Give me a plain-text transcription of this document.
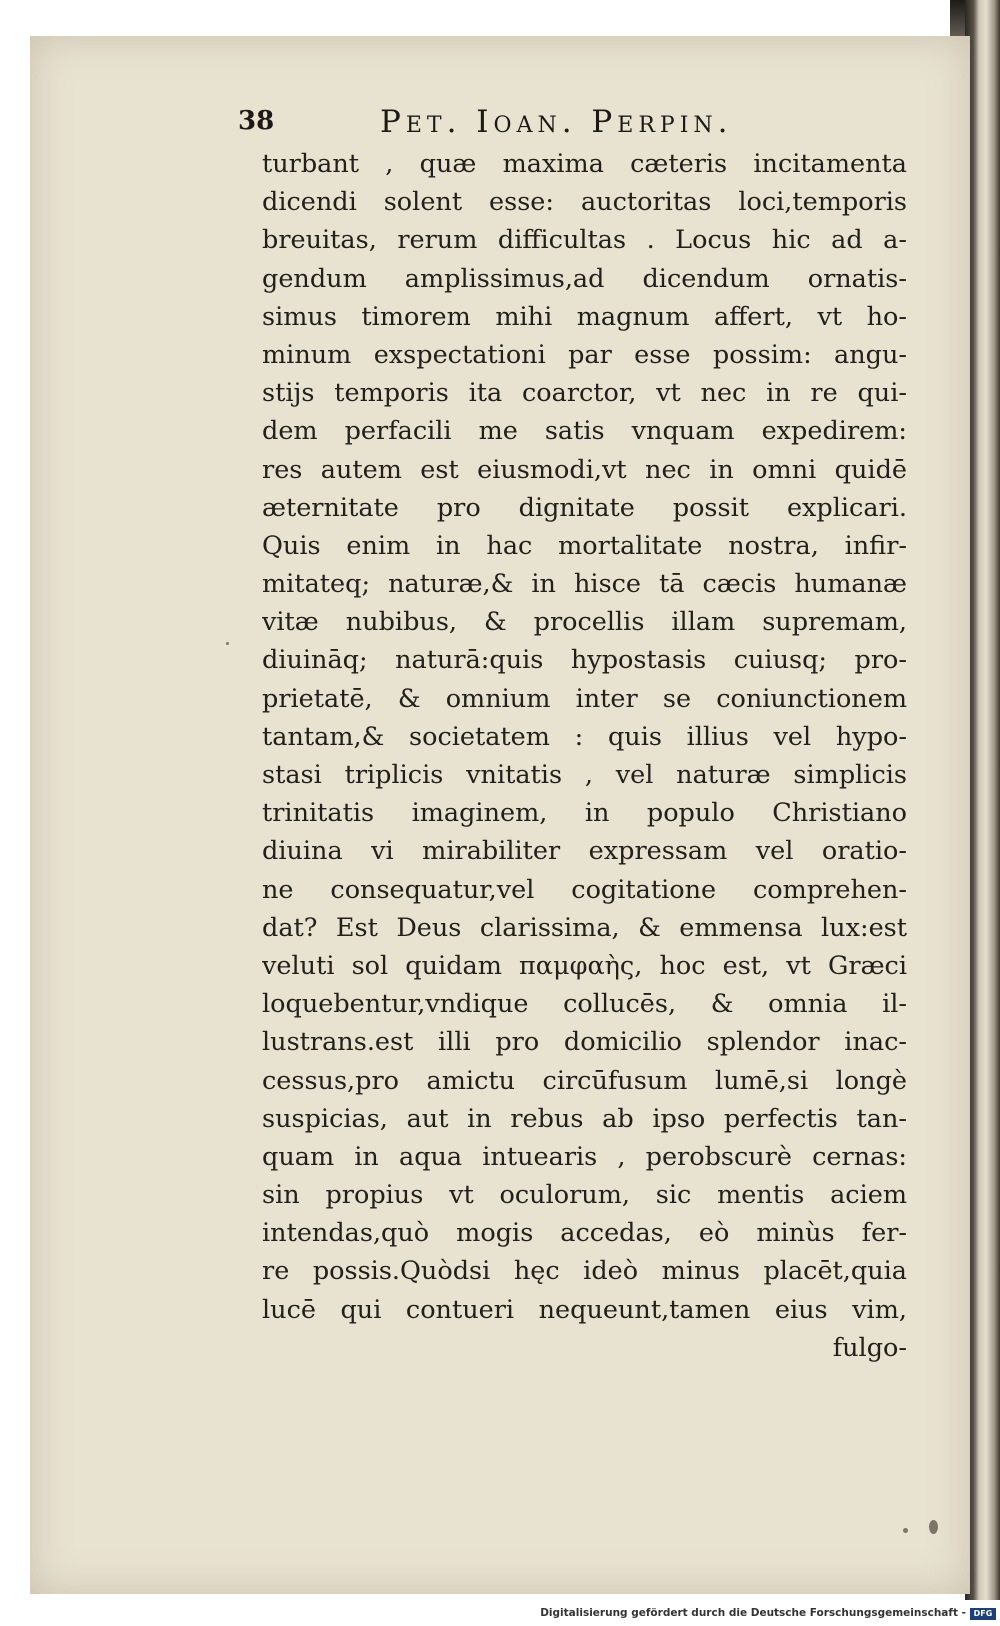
38	Pet. Ioan. Perpin.
turbant , quæ maxima cæteris incitamenta
dicendi solent esse: auctoritas loci,temporis
breuitas, rerum difficultas . Locus hic ad a-
gendum amplissimus,ad dicendum ornatis-
simus timorem mihi magnum affert, vt ho-
minum exspectationi par esse possim: angu-
stijs temporis ita coarctor, vt nec in re qui-
dem perfacili me satis vnquam expedirem:
res autem est eiusmodi,vt nec in omni quidē
æternitate pro dignitate possit explicari.
Quis enim in hac mortalitate nostra, infir-
mitateq; naturæ,& in hisce tā cæcis humanæ
vitæ nubibus, & procellis illam supremam,
diuināq; naturā:quis hypostasis cuiusq; pro-
prietatē, & omnium inter se coniunctionem
tantam,& societatem : quis illius vel hypo-
stasi triplicis vnitatis , vel naturæ simplicis
trinitatis imaginem, in populo Christiano
diuina vi mirabiliter expressam vel oratio-
ne consequatur,vel cogitatione comprehen-
dat? Est Deus clarissima, & emmensa lux:est
veluti sol quidam παμφαὴς, hoc est, vt Græci
loquebentur,vndique collucēs, & omnia il-
lustrans.est illi pro domicilio splendor inac-
cessus,pro amictu circūfusum lumē,si longè
suspicias, aut in rebus ab ipso perfectis tan-
quam in aqua intuearis , perobscurè cernas:
sin propius vt oculorum, sic mentis aciem
intendas,quò mogis accedas, eò minùs fer-
re possis.Quòdsi hęc ideò minus placēt,quia
lucē qui contueri nequeunt,tamen eius vim,
fulgo-
Digitalisierung gefördert durch die Deutsche Forschungsgemeinschaft - DFG
